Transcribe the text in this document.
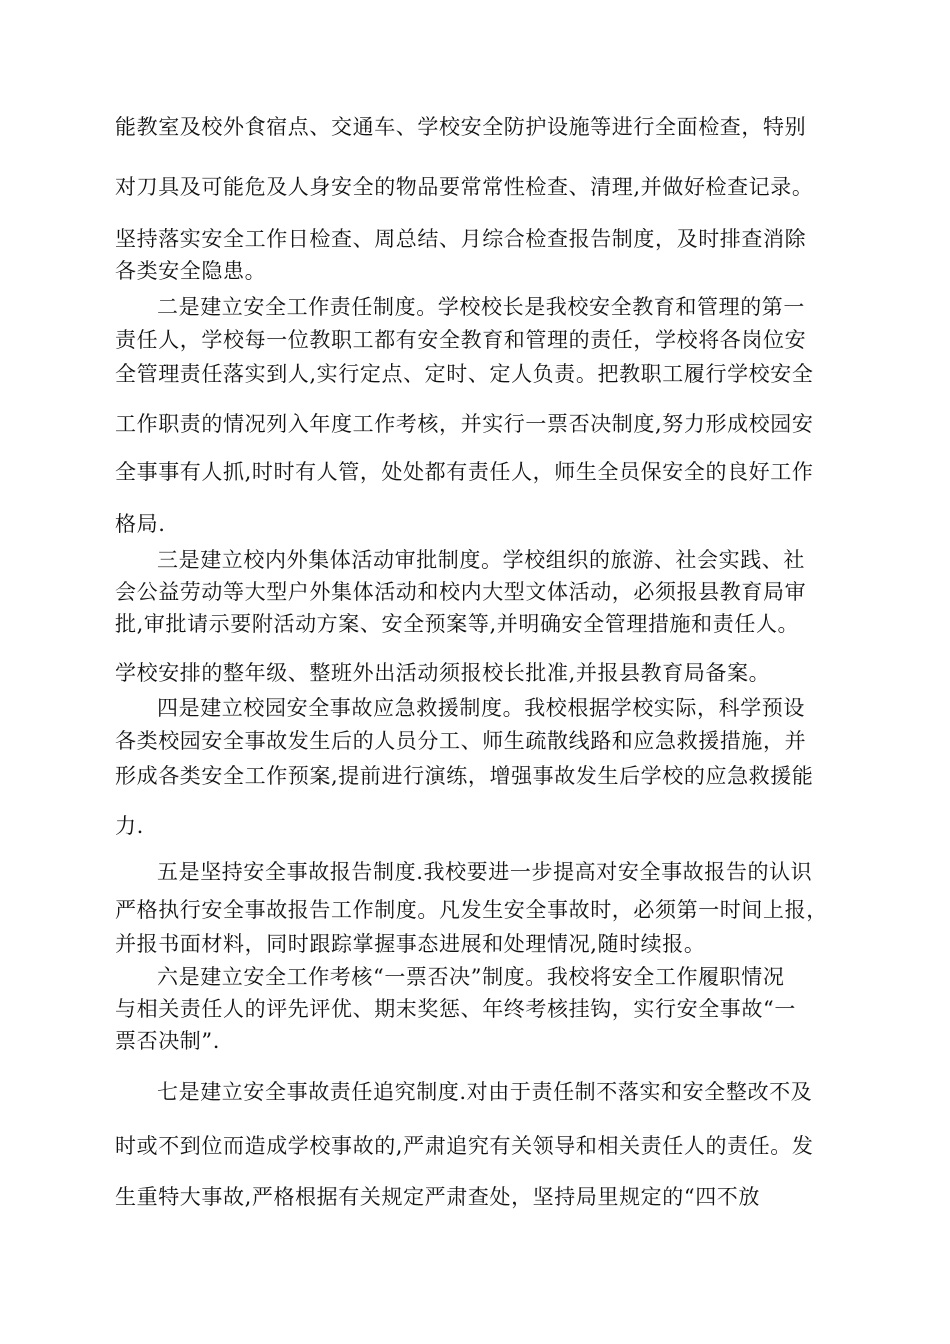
能教室及校外食宿点、交通车、学校安全防护设施等进行全面检查，特别
对刀具及可能危及人身安全的物品要常常性检查、清理,并做好检查记录。
坚持落实安全工作日检查、周总结、月综合检查报告制度，及时排查消除
各类安全隐患。
二是建立安全工作责任制度。学校校长是我校安全教育和管理的第一
责任人，学校每一位教职工都有安全教育和管理的责任，学校将各岗位安
全管理责任落实到人,实行定点、定时、定人负责。把教职工履行学校安全
工作职责的情况列入年度工作考核，并实行一票否决制度,努力形成校园安
全事事有人抓,时时有人管，处处都有责任人，师生全员保安全的良好工作
格局.
三是建立校内外集体活动审批制度。学校组织的旅游、社会实践、社
会公益劳动等大型户外集体活动和校内大型文体活动，必须报县教育局审
批,审批请示要附活动方案、安全预案等,并明确安全管理措施和责任人。
学校安排的整年级、整班外出活动须报校长批准,并报县教育局备案。
四是建立校园安全事故应急救援制度。我校根据学校实际，科学预设
各类校园安全事故发生后的人员分工、师生疏散线路和应急救援措施，并
形成各类安全工作预案,提前进行演练，增强事故发生后学校的应急救援能
力.
五是坚持安全事故报告制度.我校要进一步提高对安全事故报告的认识
严格执行安全事故报告工作制度。凡发生安全事故时，必须第一时间上报，
并报书面材料，同时跟踪掌握事态进展和处理情况,随时续报。
六是建立安全工作考核“一票否决”制度。我校将安全工作履职情况
与相关责任人的评先评优、期末奖惩、年终考核挂钩，实行安全事故“一
票否决制”.
七是建立安全事故责任追究制度.对由于责任制不落实和安全整改不及
时或不到位而造成学校事故的,严肃追究有关领导和相关责任人的责任。发
生重特大事故,严格根据有关规定严肃查处，坚持局里规定的“四不放
